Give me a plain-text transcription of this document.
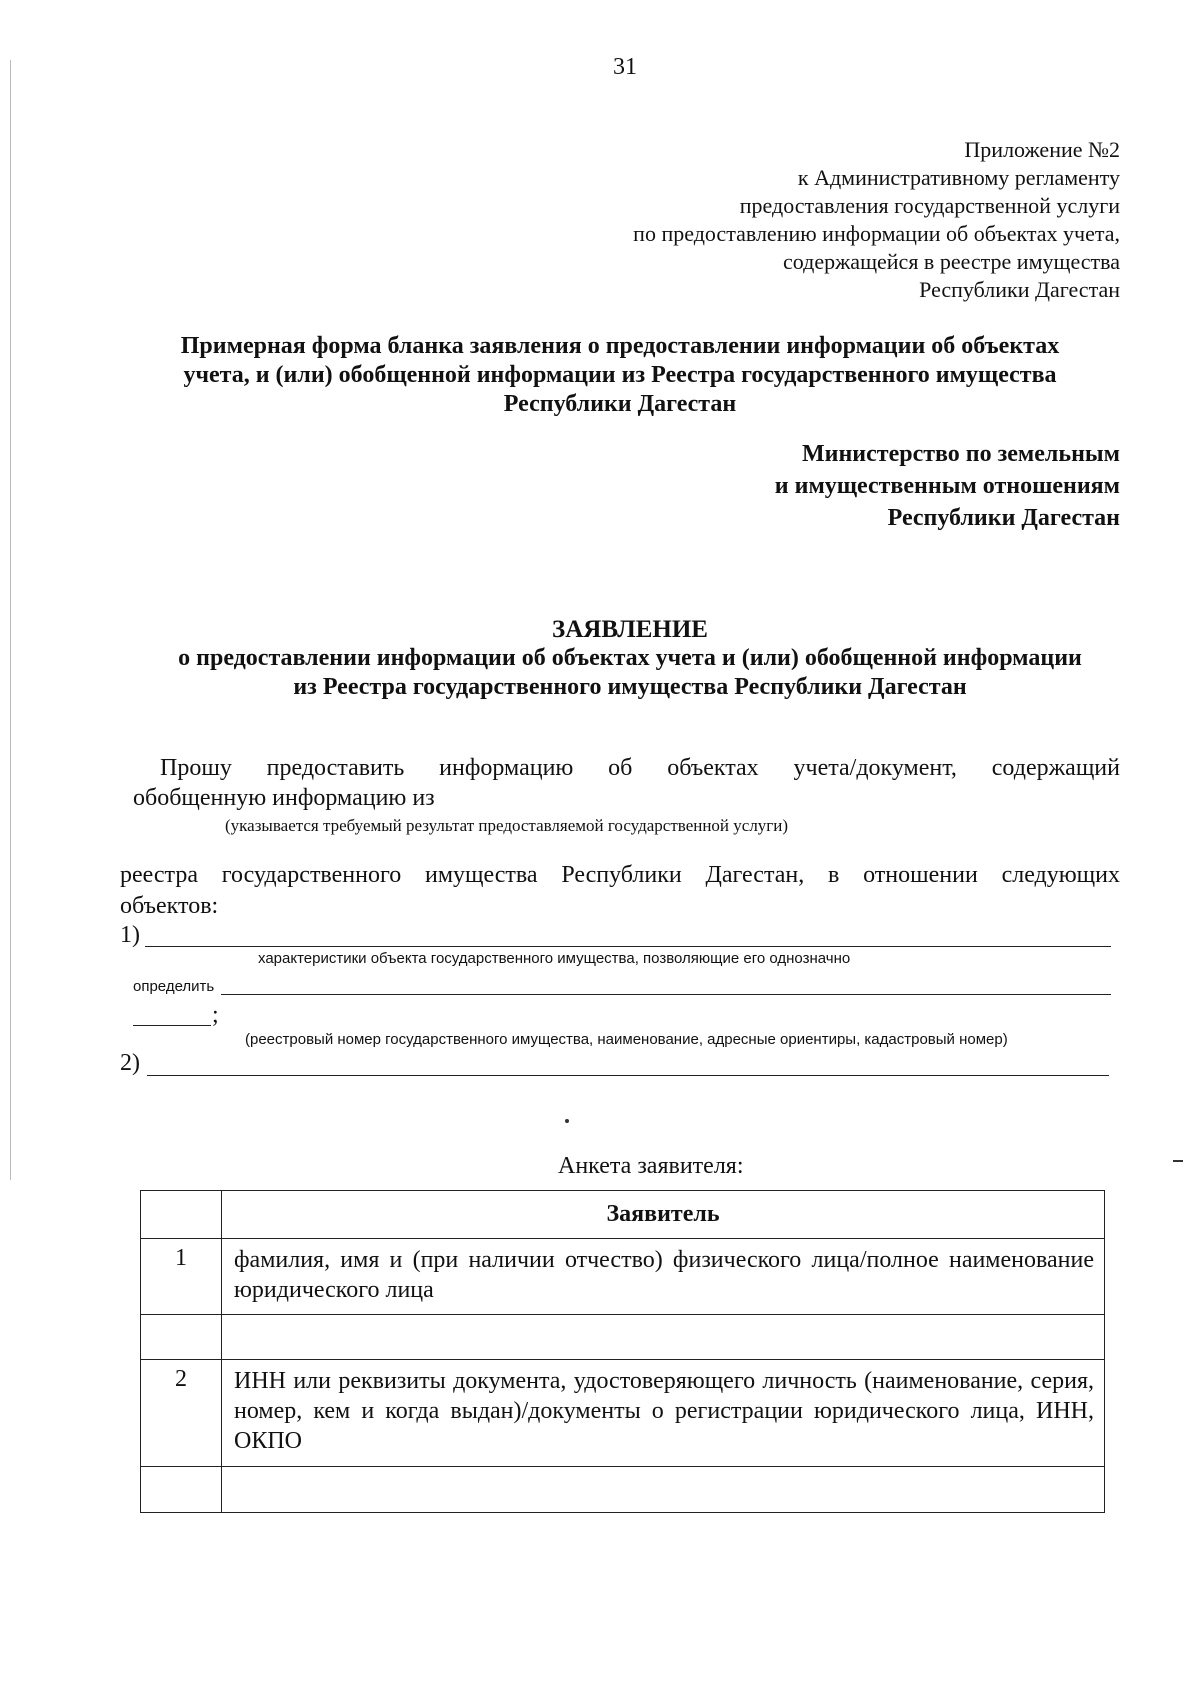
31
Приложение №2
к Административному регламенту
предоставления государственной услуги
по предоставлению информации об объектах учета,
содержащейся в реестре имущества
Республики Дагестан
Примерная форма бланка заявления о предоставлении информации об объектах
учета, и (или) обобщенной информации из Реестра государственного имущества
Республики Дагестан
Министерство по земельным
и имущественным отношениям
Республики Дагестан
ЗАЯВЛЕНИЕ
о предоставлении информации об объектах учета и (или) обобщенной информации
из Реестра государственного имущества Республики Дагестан
Прошу предоставить информацию об объектах учета/документ, содержащий
обобщенную информацию из
(указывается требуемый результат предоставляемой государственной услуги)
реестра государственного имущества Республики Дагестан, в отношении следующих
объектов:
1)
характеристики объекта государственного имущества, позволяющие его однозначно
определить
;
(реестровый номер государственного имущества, наименование, адресные ориентиры, кадастровый номер)
2)
Анкета заявителя:
	Заявитель
1	фамилия, имя и (при наличии отчество) физического лица/полное наименование юридического лица

2	ИНН или реквизиты документа, удостоверяющего личность (наименование, серия, номер, кем и когда выдан)/документы о регистрации юридического лица, ИНН, ОКПО
